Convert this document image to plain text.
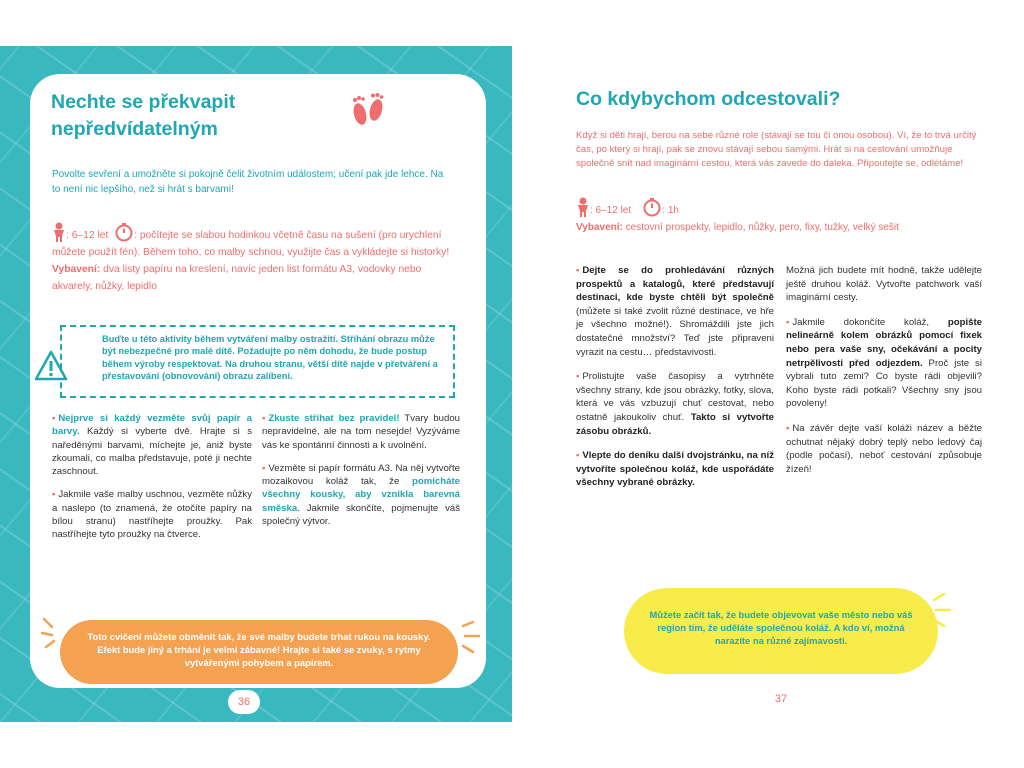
Nechte se překvapit
nepředvídatelným
Povolte sevření a umožněte si pokojně čelit životním událostem; učení pak jde lehce. Na to není nic lepšího, než si hrát s barvami!
: 6–12 let : počítejte se slabou hodinkou včetně času na sušení (pro urychlení můžete použít fén). Během toho, co malby schnou, využijte čas a vykládejte si historky!
Vybavení: dva listy papíru na kreslení, navíc jeden list formátu A3, vodovky nebo akvarely, nůžky, lepidlo
Buďte u této aktivity během vytváření malby ostražití. Stříhání obrazu může být nebezpečné pro malé dítě. Požadujte po něm dohodu, že bude postup během výroby respektovat. Na druhou stranu, větší dítě najde v přetváření a přestavování (obnovování) obrazu zalíbení.

• Nejprve si každý vezměte svůj papír a barvy. Každý si vyberte dvě. Hrajte si s naředěnými barvami, míchejte je, aniž byste zkoumali, co malba představuje, poté ji nechte zaschnout.

• Jakmile vaše malby uschnou, vezměte nůžky a naslepo (to znamená, že otočíte papíry na bílou stranu) nastříhejte proužky. Pak nastříhejte tyto proužky na čtverce.

• Zkuste stříhat bez pravidel! Tvary budou nepravidelné, ale na tom nesejde! Vyzýváme vás ke spontánní činnosti a k uvolnění.

• Vezměte si papír formátu A3. Na něj vytvořte mozaikovou koláž tak, že pomícháte všechny kousky, aby vznikla barevná směska. Jakmile skončíte, pojmenujte váš společný výtvor.

Toto cvičení můžete obměnit tak, že své malby budete trhat rukou na kousky. Efekt bude jiný a trhání je velmi zábavné! Hrajte si také se zvuky, s rytmy vytvářenými pohybem a papírem.
36
Co kdybychom odcestovali?
Když si děti hrají, berou na sebe různé role (stávají se tou či onou osobou). Ví, že to trvá určitý čas, po který si hrají, pak se znovu stávají sebou samými. Hrát si na cestování umožňuje společně snít nad imaginární cestou, která vás zavede do daleka. Připoutejte se, odlétáme!
: 6–12 let	: 1h
Vybavení: cestovní prospekty, lepidlo, nůžky, pero, fixy, tužky, velký sešit

• Dejte se do prohledávání různých prospektů a katalogů, které představují destinaci, kde byste chtěli být společně (můžete si také zvolit různé destinace, ve hře je všechno možné!). Shromáždili jste jich dostatečné množství? Teď jste připraveni vyrazit na cestu… představivosti.

• Prolistujte vaše časopisy a vytrhněte všechny strany, kde jsou obrázky, fotky, slova, která ve vás vzbuzují chuť cestovat, nebo ostatně jakoukoliv chuť. Takto si vytvořte zásobu obrázků.

• Vlepte do deníku další dvojstránku, na níž vytvoříte společnou koláž, kde uspořádáte všechny vybrané obrázky.

Možná jich budete mít hodně, takže udělejte ještě druhou koláž. Vytvořte patchwork vaší imaginární cesty.

• Jakmile dokončíte koláž, popište nelineárně kolem obrázků pomocí fixek nebo pera vaše sny, očekávání a pocity netrpělivosti před odjezdem. Proč jste si vybrali tuto zemi? Co byste rádi objevili? Koho byste rádi potkali? Všechny sny jsou povoleny!

• Na závěr dejte vaší koláži název a běžte ochutnat nějaký dobrý teplý nebo ledový čaj (podle počasí), neboť cestování způsobuje žízeň!

Můžete začít tak, že budete objevovat vaše město nebo váš region tím, že uděláte společnou koláž. A kdo ví, možná narazíte na různé zajímavosti.
37
